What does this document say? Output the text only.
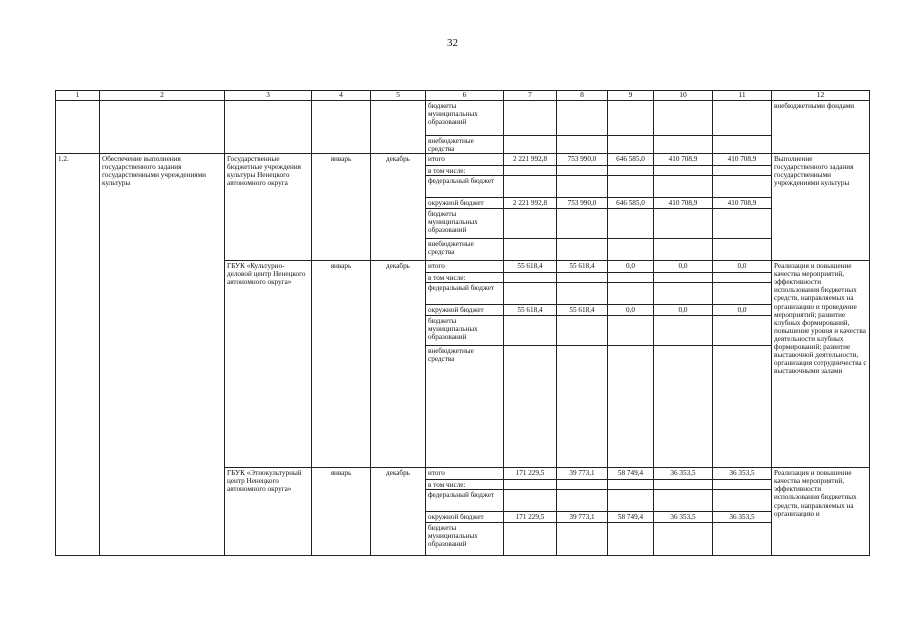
32
1	2	3	4	5	6	7	8	9	10	11	12
					бюджеты муниципальных образований						внебюджетными фондами
					внебюджетные средства						
1.2.	Обеспечение выполнения государственного задания государственными учреждениями культуры	Государственные бюджетные учреждения культуры Ненецкого автономного округа	январь	декабрь	итого	2 221 992,8	753 990,0	646 585,0	410 708,9	410 708,9	Выполнение государственного задания государственными учреждениями культуры
					в том числе:						
					федеральный бюджет						
					окружной бюджет	2 221 992,8	753 990,0	646 585,0	410 708,9	410 708,9	
					бюджеты муниципальных образований						
					внебюджетные средства						
		ГБУК «Культурно-деловой центр Ненецкого автономного округа»	январь	декабрь	итого	55 618,4	55 618,4	0,0	0,0	0,0	Реализация и повышение качества мероприятий, эффективности использования бюджетных средств, направляемых на организацию и проведение мероприятий; развитие клубных формирований, повышение уровня и качества деятельности клубных формирований; развитие выставочной деятельности, организация сотрудничества с выставочными залами
					в том числе:						
					федеральный бюджет						
					окружной бюджет	55 618,4	55 618,4	0,0	0,0	0,0	
					бюджеты муниципальных образований						
					внебюджетные средства						
		ГБУК «Этнокультурный центр Ненецкого автономного округа»	январь	декабрь	итого	171 229,5	39 773,1	58 749,4	36 353,5	36 353,5	Реализация и повышение качества мероприятий, эффективности использования бюджетных средств, направляемых на организацию и
					в том числе:						
					федеральный бюджет						
					окружной бюджет	171 229,5	39 773,1	58 749,4	36 353,5	36 353,5	
					бюджеты муниципальных образований						
